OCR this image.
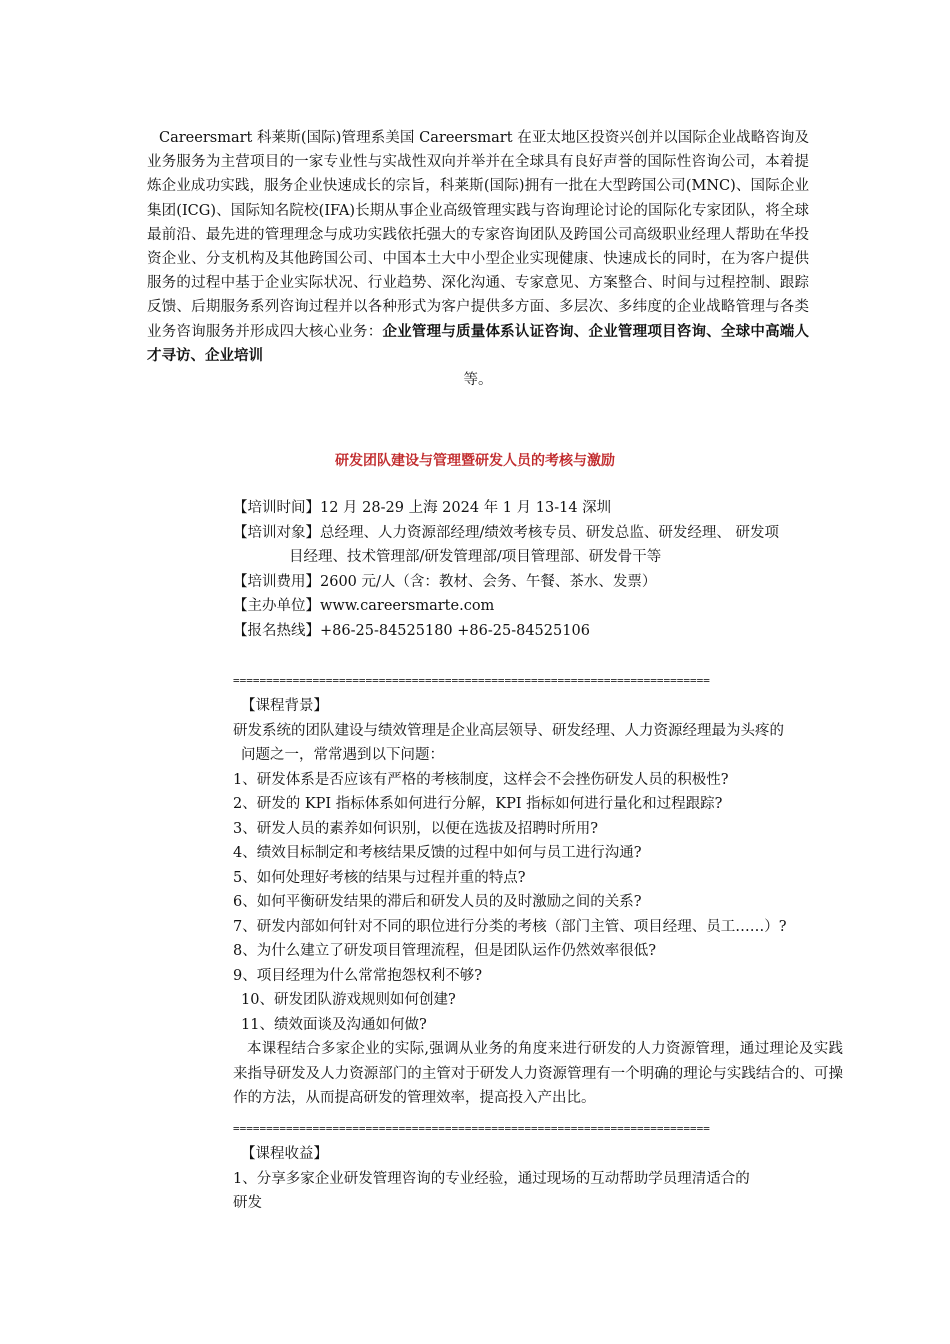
Careersmart 科莱斯(国际)管理系美国 Careersmart 在亚太地区投资兴创并以国际企业战略咨询及业务服务为主营项目的一家专业性与实战性双向并举并在全球具有良好声誉的国际性咨询公司，本着提炼企业成功实践，服务企业快速成长的宗旨，科莱斯(国际)拥有一批在大型跨国公司(MNC)、国际企业集团(ICG)、国际知名院校(IFA)长期从事企业高级管理实践与咨询理论讨论的国际化专家团队，将全球最前沿、最先进的管理理念与成功实践依托强大的专家咨询团队及跨国公司高级职业经理人帮助在华投资企业、分支机构及其他跨国公司、中国本土大中小型企业实现健康、快速成长的同时，在为客户提供服务的过程中基于企业实际状况、行业趋势、深化沟通、专家意见、方案整合、时间与过程控制、跟踪反馈、后期服务系列咨询过程并以各种形式为客户提供多方面、多层次、多纬度的企业战略管理与各类业务咨询服务并形成四大核心业务：企业管理与质量体系认证咨询、企业管理项目咨询、全球中高端人才寻访、企业培训
等。
研发团队建设与管理暨研发人员的考核与激励
【培训时间】12 月 28-29 上海 2024 年 1 月 13-14 深圳
【培训对象】总经理、人力资源部经理/绩效考核专员、研发总监、研发经理、 研发项
目经理、技术管理部/研发管理部/项目管理部、研发骨干等
【培训费用】2600 元/人（含：教材、会务、午餐、茶水、发票）
【主办单位】www.careersmarte.com
【报名热线】+86-25-84525180 +86-25-84525106
========================================================================
【课程背景】
研发系统的团队建设与绩效管理是企业高层领导、研发经理、人力资源经理最为头疼的
问题之一，常常遇到以下问题：
1、研发体系是否应该有严格的考核制度，这样会不会挫伤研发人员的积极性?
2、研发的 KPI 指标体系如何进行分解，KPI 指标如何进行量化和过程跟踪?
3、研发人员的素养如何识别，以便在选拔及招聘时所用?
4、绩效目标制定和考核结果反馈的过程中如何与员工进行沟通?
5、如何处理好考核的结果与过程并重的特点?
6、如何平衡研发结果的滞后和研发人员的及时激励之间的关系?
7、研发内部如何针对不同的职位进行分类的考核（部门主管、项目经理、员工……）?
8、为什么建立了研发项目管理流程，但是团队运作仍然效率很低?
9、项目经理为什么常常抱怨权利不够?
10、研发团队游戏规则如何创建?
11、绩效面谈及沟通如何做?
本课程结合多家企业的实际,强调从业务的角度来进行研发的人力资源管理，通过理论及实践来指导研发及人力资源部门的主管对于研发人力资源管理有一个明确的理论与实践结合的、可操作的方法，从而提高研发的管理效率，提高投入产出比。
========================================================================
【课程收益】
1、分享多家企业研发管理咨询的专业经验，通过现场的互动帮助学员理清适合的
研发
